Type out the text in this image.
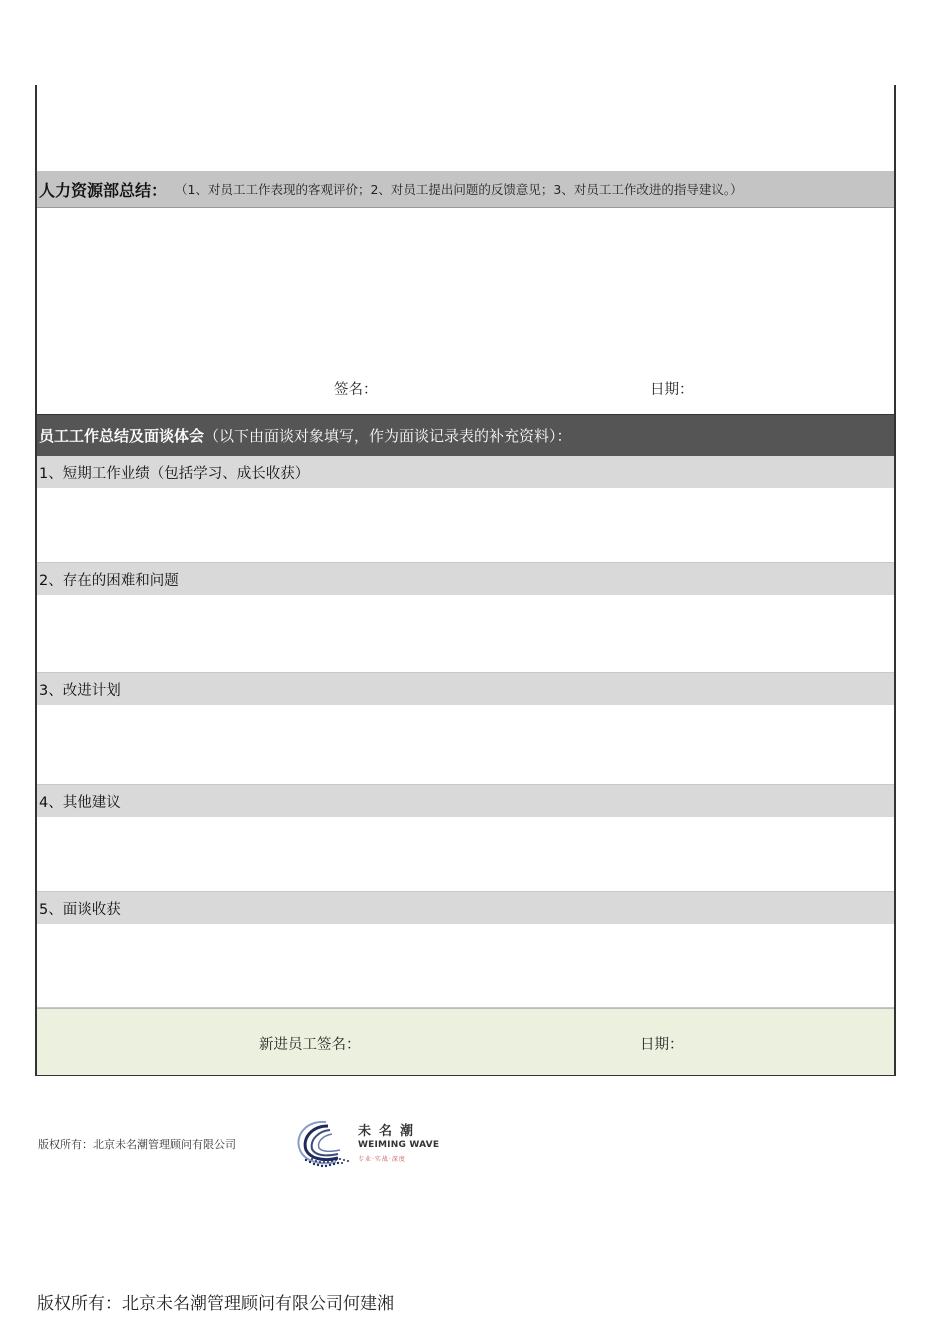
人力资源部总结： （1、对员工工作表现的客观评价；2、对员工提出问题的反馈意见；3、对员工工作改进的指导建议。）
签名：	日期：
员工工作总结及面谈体会 （以下由面谈对象填写，作为面谈记录表的补充资料）：
1、短期工作业绩（包括学习、成长收获）
2、存在的困难和问题
3、改进计划
4、其他建议
5、面谈收获
新进员工签名：	日期：
版权所有：北京未名潮管理顾问有限公司
未名潮
WEIMING WAVE
专业·实战·深度
版权所有：北京未名潮管理顾问有限公司何建湘
